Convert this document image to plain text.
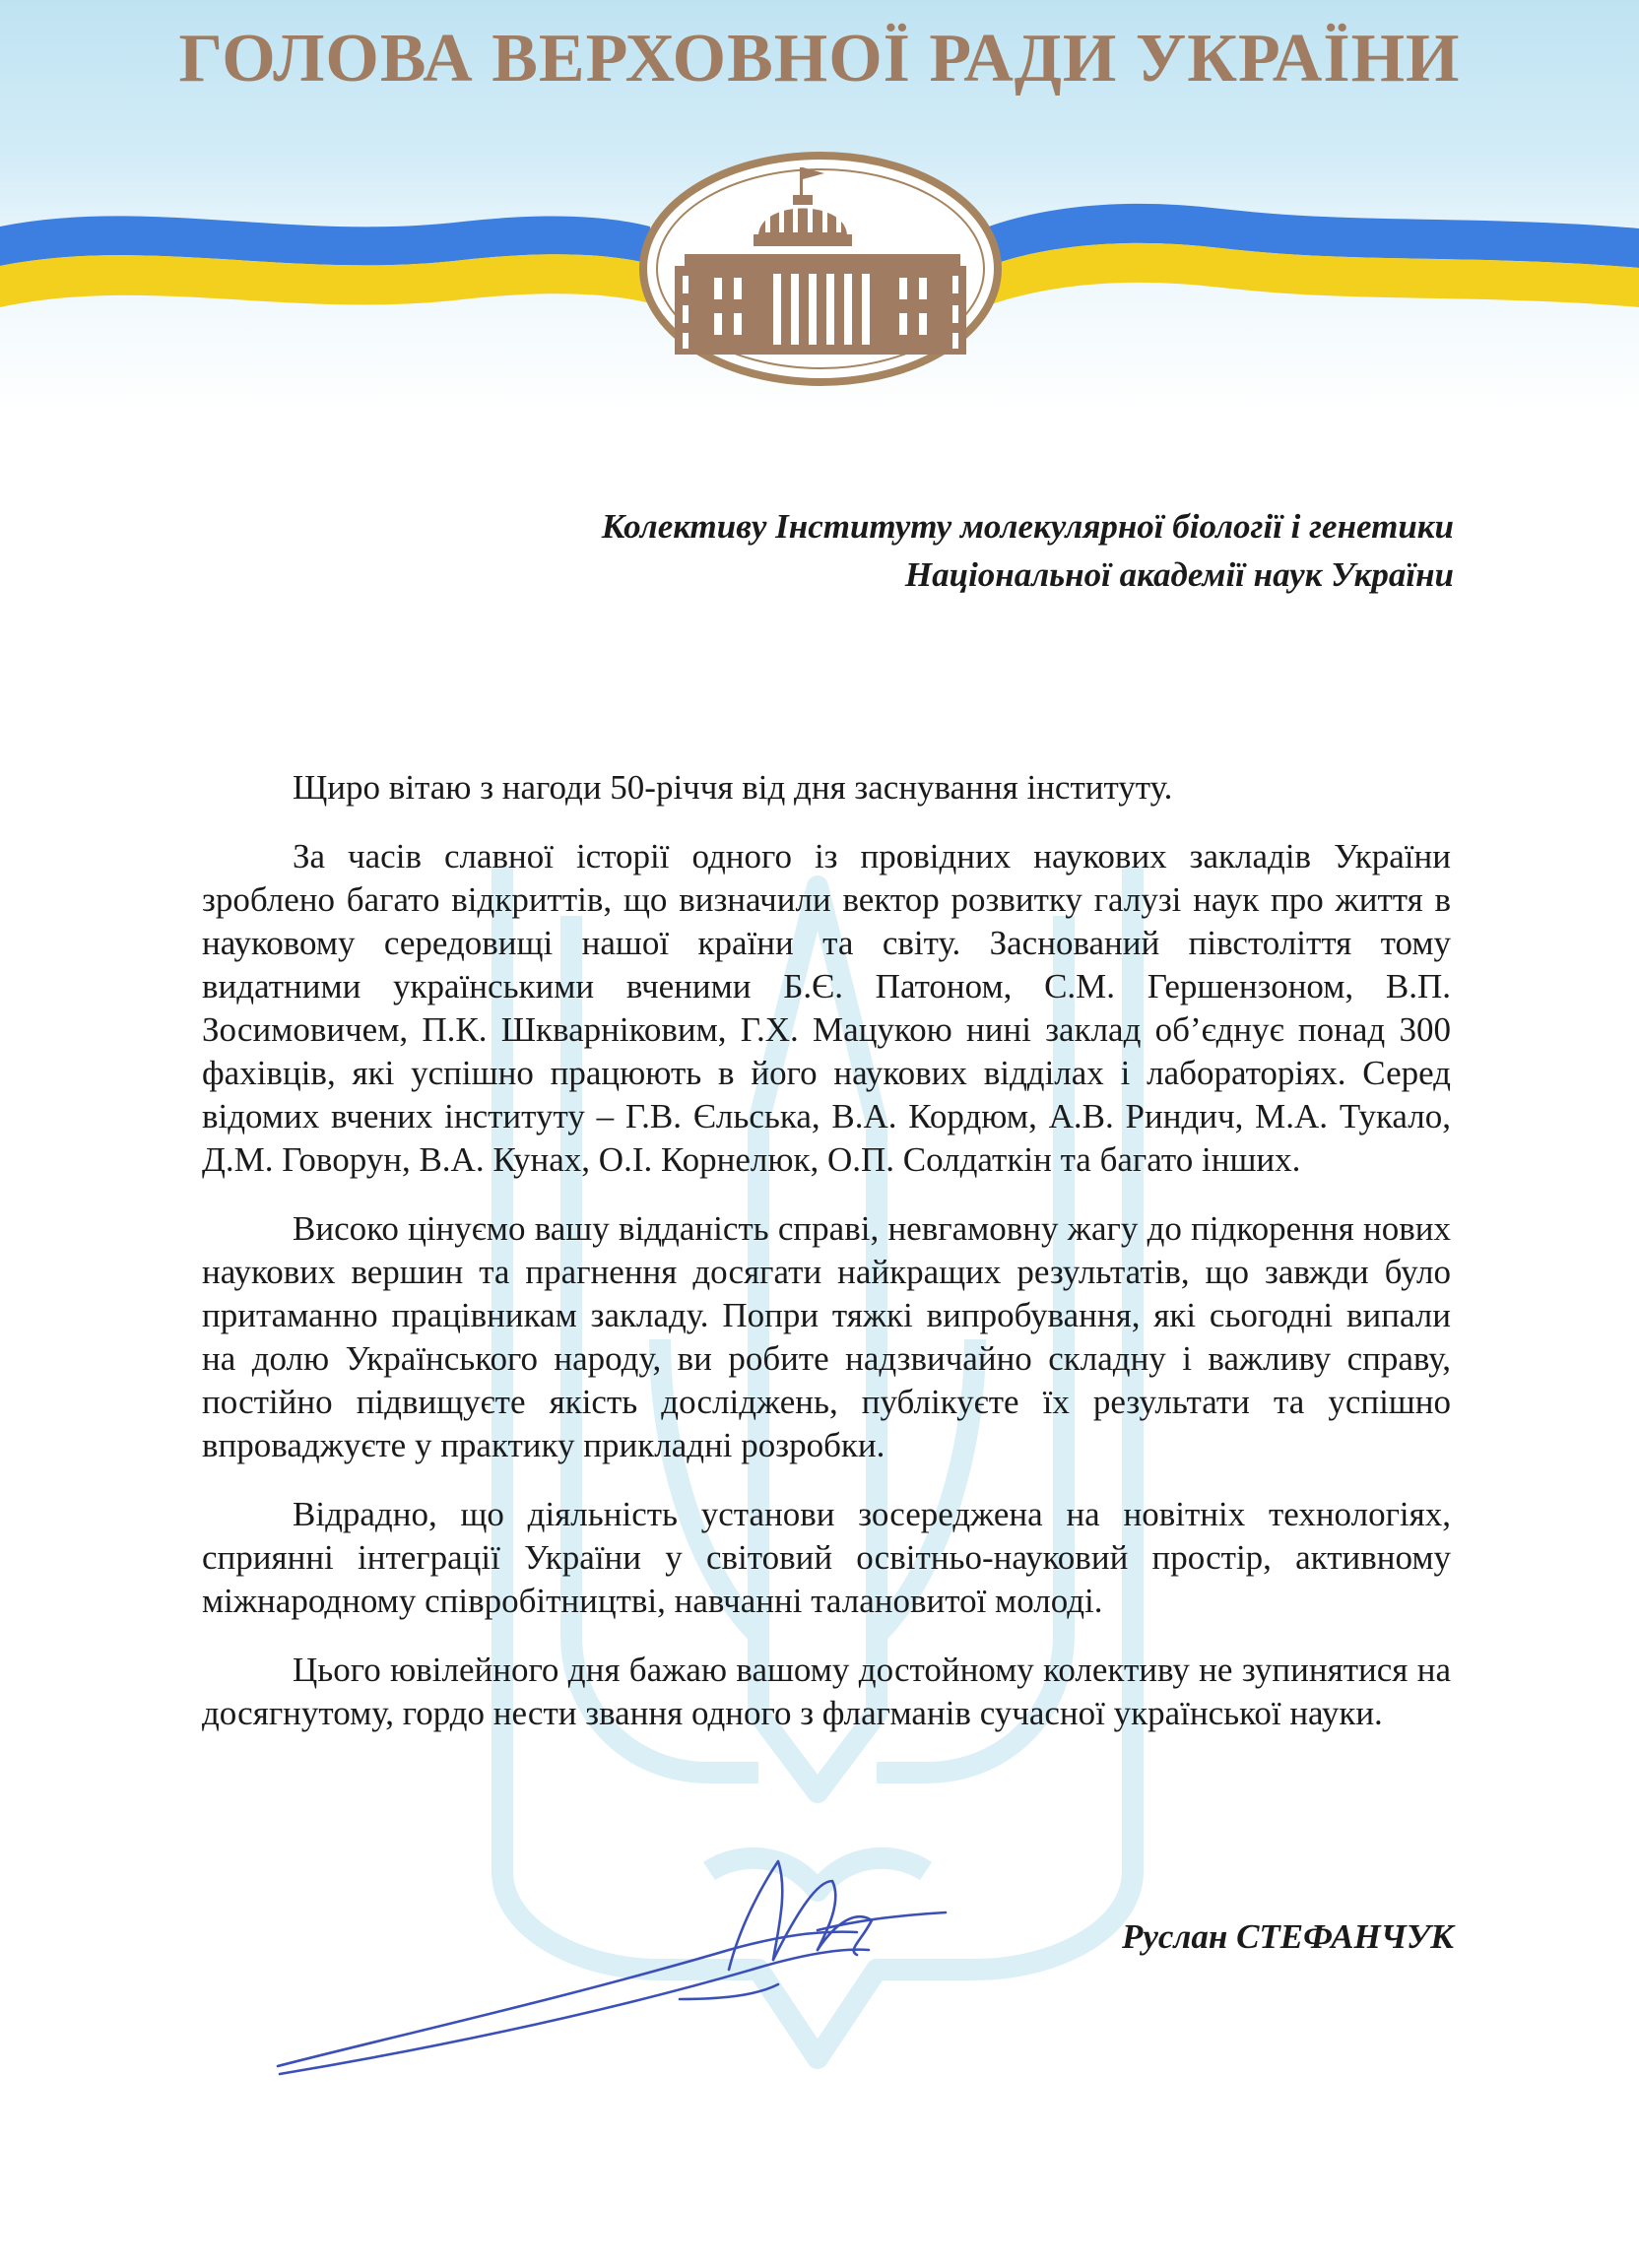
ГОЛОВА ВЕРХОВНОЇ РАДИ УКРАЇНИ
Колективу Інституту молекулярної біології і генетики
Національної академії наук України

Щиро вітаю з нагоди 50-річчя від дня заснування інституту.

За часів славної історії одного із провідних наукових закладів України зроблено багато відкриттів, що визначили вектор розвитку галузі наук про життя в науковому середовищі нашої країни та світу. Заснований півстоліття тому видатними українськими вченими Б.Є. Патоном, С.М. Гершензоном, В.П. Зосимовичем, П.К. Шкварніковим, Г.Х. Мацукою нині заклад об’єднує понад 300 фахівців, які успішно працюють в його наукових відділах і лабораторіях. Серед відомих вчених інституту – Г.В. Єльська, В.А. Кордюм, А.В. Риндич, М.А. Тукало, Д.М. Говорун, В.А. Кунах, О.І. Корнелюк, О.П. Солдаткін та багато інших.

Високо цінуємо вашу відданість справі, невгамовну жагу до підкорення нових наукових вершин та прагнення досягати найкращих результатів, що завжди було притаманно працівникам закладу. Попри тяжкі випробування, які сьогодні випали на долю Українського народу, ви робите надзвичайно складну і важливу справу, постійно підвищуєте якість досліджень, публікуєте їх результати та успішно впроваджуєте у практику прикладні розробки.

Відрадно, що діяльність установи зосереджена на новітніх технологіях, сприянні інтеграції України у світовий освітньо-науковий простір, активному міжнародному співробітництві, навчанні талановитої молоді.

Цього ювілейного дня бажаю вашому достойному колективу не зупинятися на досягнутому, гордо нести звання одного з флагманів сучасної української науки.

Руслан СТЕФАНЧУК
